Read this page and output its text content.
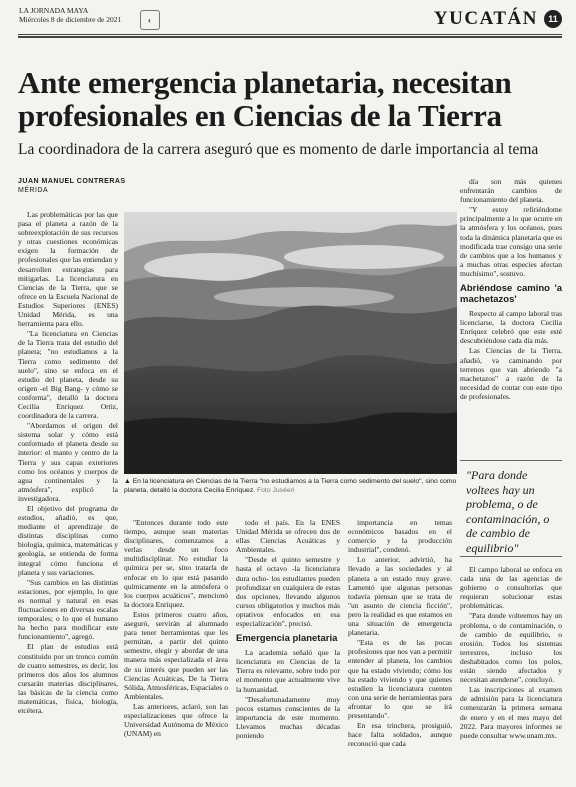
LA JORNADA MAYA
Miércoles 8 de diciembre de 2021	◐	YUCATÁN	11
Ante emergencia planetaria, necesitan profesionales en Ciencias de la Tierra

La coordinadora de la carrera aseguró que es momento de darle importancia al tema

JUAN MANUEL CONTRERAS
MÉRIDA

Las problemáticas por las que pasa el planeta a razón de la sobreexplotación de sus recursos y otras cuestiones económicas exigen la formación de profesionales que las entiendan y desarrollen estrategias para mitigarlas. La licenciatura en Ciencias de la Tierra, que se ofrece en la Escuela Nacional de Estudios Superiores (ENES) Unidad Mérida, es una herramienta para ello.

"La licenciatura en Ciencias de la Tierra trata del estudio del planeta; "no estudiamos a la Tierra como sedimento del suelo", sino se enfoca en el estudio del planeta, desde su origen -el Big Bang- y cómo se conforma", detalló la doctora Cecilia Enríquez Ortiz, coordinadora de la carrera.

"Abordamos el origen del sistema solar y cómo está conformado el planeta desde su interior: el manto y centro de la Tierra y sus capas exteriores como los océanos y cuerpos de agua continentales y la atmósfera", explicó la investigadora.

El objetivo del programa de estudios, añadió, es que, mediante el aprendizaje de distintas disciplinas como biología, química, matemáticas y geología, se entienda de forma integral cómo funciona el planeta y sus variaciones.

"Sus cambios en las distintas estaciones, por ejemplo, lo que es normal y natural en esas fluctuaciones en diversas escalas temporales; o lo que el humano ha hecho para modificar este funcionamiento", agregó.

El plan de estudios está constituido por un tronco común de cuatro semestres, es decir, los primeros dos años los alumnos cursarán materias disciplinares, las básicas de la ciencia como matemáticas, física, biología, etcétera.

▲ En la licenciatura en Ciencias de la Tierra "no estudiamos a la Tierra como sedimento del suelo", sino como planeta, detalló la doctora Cecilia Enríquez. Foto Juséeri

"Entonces durante todo este tiempo, aunque sean materias disciplinares, comenzamos a verlas desde un foco multidisciplinar. No estudiar la química per se, sino tratarla de enfocar en lo que está pasando químicamente en la atmósfera o los cuerpos acuáticos", mencionó la doctora Enríquez.

Estos primeros cuatro años, aseguró, servirán al alumnado para tener herramientas que les permitan, a partir del quinto semestre, elegir y abordar de una manera más especializada el área de su interés que pueden ser las Ciencias Acuáticas, De la Tierra Sólida, Atmosféricas, Espaciales o Ambientales.

Las anteriores, aclaró, son las especializaciones que ofrece la Universidad Autónoma de México (UNAM) en

todo el país. En la ENES Unidad Mérida se ofrecen dos de ellas Ciencias Acuáticas y Ambientales.

"Desde el quinto semestre y hasta el octavo -la licenciatura dura ocho- los estudiantes pueden profundizar en cualquiera de estas dos opciones, llevando algunos cursos obligatorios y muchos más optativos enfocados en esa especialización", precisó.

Emergencia planetaria

La academia señaló que la licenciatura en Ciencias de la Tierra es relevante, sobre todo por el momento que actualmente vive la humanidad.

"Desafortunadamente muy pocos estamos conscientes de la importancia de este momento. Llevamos muchas décadas poniendo

importancia en temas económicos basados en el comercio y la producción industrial", condenó.

Lo anterior, advirtió, ha llevado a las sociedades y al planeta a un estado muy grave. Lamentó que algunas personas todavía piensan que se trata de "un asunto de ciencia ficción", pero la realidad es que estamos en una situación de emergencia planetaria.

"Esta es de las pocas profesiones que nos van a permitir entender al planeta, los cambios que ha estado viviendo; cómo los ha estado viviendo y que quienes estudien la licenciatura cuenten con una serie de herramientas para afrontar lo que se irá presentando".

En esa trinchera, prosiguió, hace falta soldados, aunque reconoció que cada

día son más quienes enfrentarán cambios de funcionamiento del planeta.

"Y estoy refiriéndome principalmente a lo que ocurre en la atmósfera y los océanos, pues toda la dinámica planetaria que es modificada trae consigo una serie de cambios que a los humanos y a muchas otras especies afectan muchísimo", sostuvo.

Abriéndose camino 'a machetazos'

Respecto al campo laboral tras licenciarse, la doctora Cecilia Enríquez celebró que este esté descubriéndose cada día más.

Las Ciencias de la Tierra, añadió, va caminando por terrenos que van abriendo "a machetazos" a razón de la necesidad de contar con este tipo de profesionales.

"Para donde voltees hay un problema, o de contaminación, o de cambio de equilibrio"

El campo laboral se enfoca en cada una de las agencias de gobierno o consultorías que requieran solucionar estas problemáticas.

"Para donde volteemos hay un problema, o de contaminación, o de cambio de equilibrio, o erosión. Todos los sistemas terrestres, incluso los deshabitados como los polos, están siendo afectados y necesitan atenderse", concluyó.

Las inscripciones al examen de admisión para la licenciatura comenzarán la primera semana de enero y en el mes mayo del 2022. Para mayores informes se puede consultar www.unam.mx.
